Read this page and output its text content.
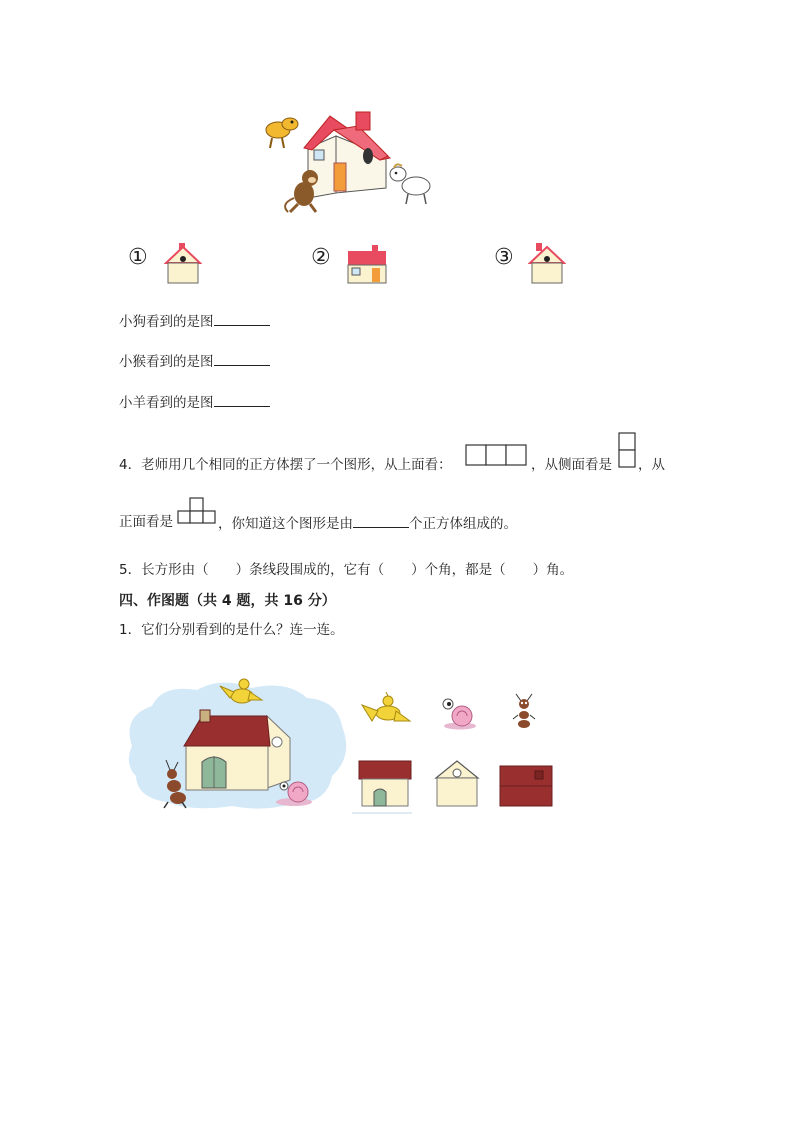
①	②	③
小狗看到的是图
小猴看到的是图
小羊看到的是图
4．老师用几个相同的正方体摆了一个图形，从上面看：	，从侧面看是 ，从
正面看是	，你知道这个图形是由	个正方体组成的。
5．长方形由（　　）条线段围成的，它有（　　）个角，都是（　　）角。
四、作图题（共 4 题，共 16 分）
1．它们分别看到的是什么？连一连。
